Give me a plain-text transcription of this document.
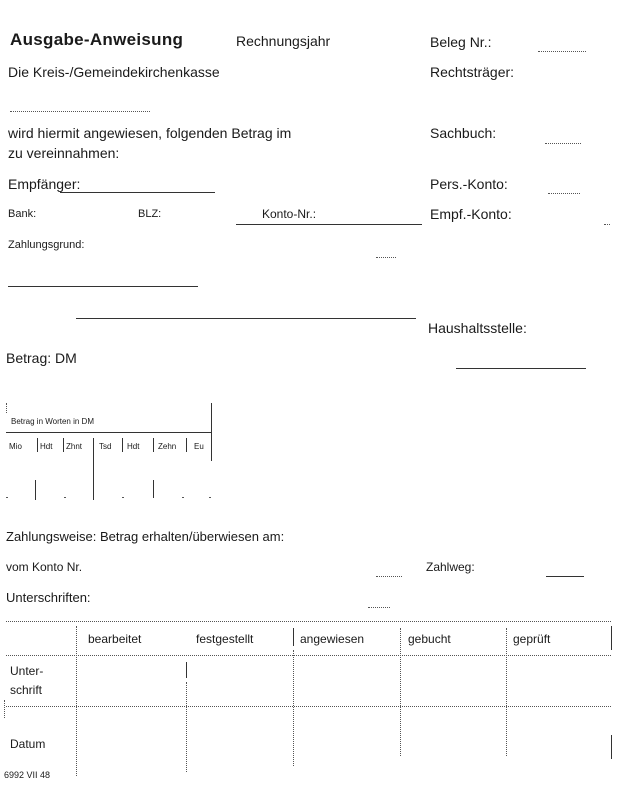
Ausgabe-Anweisung	Rechnungsjahr	Beleg Nr.:
Die Kreis-/Gemeindekirchenkasse	Rechtsträger:
wird hiermit angewiesen, folgenden Betrag im
zu vereinnahmen:
Sachbuch:
Empfänger:	Pers.-Konto:
Bank:	BLZ:	Konto-Nr.:	Empf.-Konto:
Zahlungsgrund:
Haushaltsstelle:
Betrag: DM
Betrag in Worten in DM
Mio Hdt Zhnt Tsd Hdt Zehn Eu
Zahlungsweise: Betrag erhalten/überwiesen am:
vom Konto Nr.	Zahlweg:
Unterschriften:
bearbeitet	festgestellt	angewiesen	gebucht	geprüft
Unter-
schrift
Datum
6992 VII 48
